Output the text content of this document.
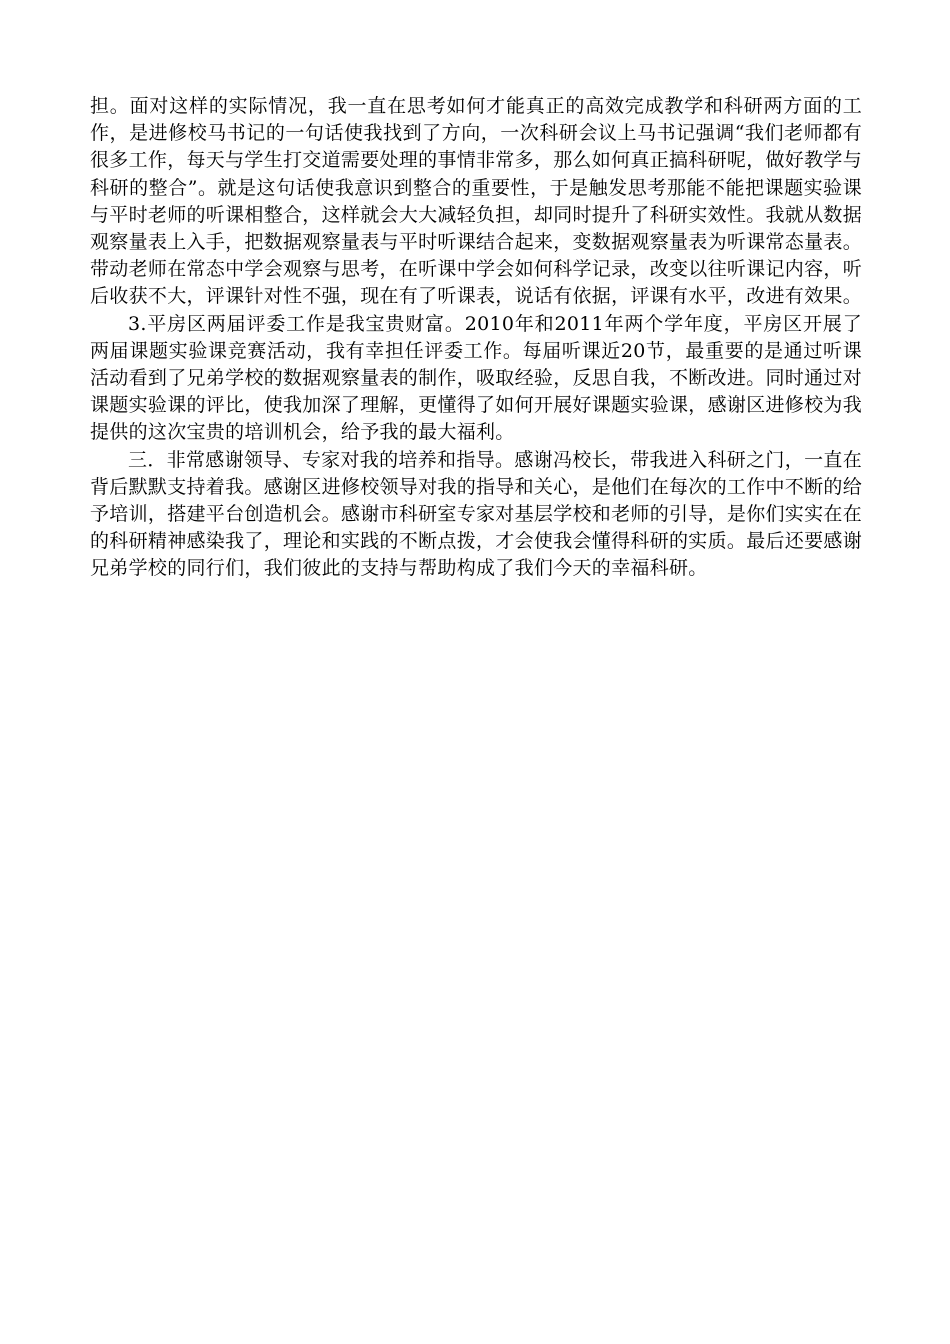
担。面对这样的实际情况，我一直在思考如何才能真正的高效完成教学和科研两方面的工作，是进修校马书记的一句话使我找到了方向，一次科研会议上马书记强调“我们老师都有很多工作，每天与学生打交道需要处理的事情非常多，那么如何真正搞科研呢，做好教学与科研的整合”。就是这句话使我意识到整合的重要性，于是触发思考那能不能把课题实验课与平时老师的听课相整合，这样就会大大减轻负担，却同时提升了科研实效性。我就从数据观察量表上入手，把数据观察量表与平时听课结合起来，变数据观察量表为听课常态量表。带动老师在常态中学会观察与思考，在听课中学会如何科学记录，改变以往听课记内容，听后收获不大，评课针对性不强，现在有了听课表，说话有依据，评课有水平，改进有效果。

3.平房区两届评委工作是我宝贵财富。2010年和2011年两个学年度，平房区开展了两届课题实验课竞赛活动，我有幸担任评委工作。每届听课近20节，最重要的是通过听课活动看到了兄弟学校的数据观察量表的制作，吸取经验，反思自我，不断改进。同时通过对课题实验课的评比，使我加深了理解，更懂得了如何开展好课题实验课，感谢区进修校为我提供的这次宝贵的培训机会，给予我的最大福利。

三．非常感谢领导、专家对我的培养和指导。感谢冯校长，带我进入科研之门，一直在背后默默支持着我。感谢区进修校领导对我的指导和关心，是他们在每次的工作中不断的给予培训，搭建平台创造机会。感谢市科研室专家对基层学校和老师的引导，是你们实实在在的科研精神感染我了，理论和实践的不断点拨，才会使我会懂得科研的实质。最后还要感谢兄弟学校的同行们，我们彼此的支持与帮助构成了我们今天的幸福科研。
